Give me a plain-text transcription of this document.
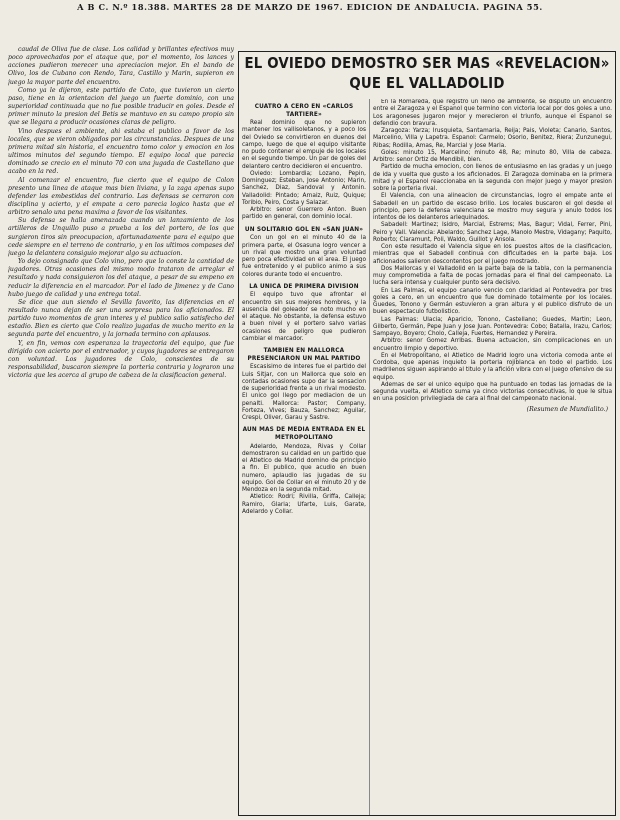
A B C. N.º 18.388. MARTES 28 DE MARZO DE 1967. EDICION DE ANDALUCIA. PAGINA 55.

caudal de Oliva fue de clase. Los calidad y brillantes efectivos muy poco aprovechados por el ataque que, por el momento, los lances y acciones pudieron merecer una apreciacion mejor. En el bando de Olivo, los de Cubano con Rendo, Tara, Castillo y Marin, supieron en juego la mayor parte del encuentro.

Como ya le dijeron, este partido de Coto, que tuvieron un cierto paso, tiene en la orientacion del juego un fuerte dominio, con una superioridad continuada que no fue posible traducir en goles. Desde el primer minuto la presion del Betis se mantuvo en su campo propio sin que se llegara a producir ocasiones claras de peligro.

Vino despues el ambiente, ahi estaba el publico a favor de los locales, que se vieron obligados por las circunstancias. Despues de una primera mitad sin historia, el encuentro tomo color y emocion en los ultimos minutos del segundo tiempo. El equipo local que parecia dominado se crecio en el minuto 70 con una jugada de Castellano que acabo en la red.

Al comenzar el encuentro, fue cierto que el equipo de Colon presento una linea de ataque mas bien liviana, y la zaga apenas supo defender las embestidas del contrario. Las defensas se cerraron con disciplina y acierto, y el empate a cero parecia logico hasta que el arbitro senalo una pena maxima a favor de los visitantes.

Su defensa se halla amenazada cuando un lanzamiento de los artilleros de Unquillo puso a prueba a los del portero, de los que surgieron tiros sin preocupacion, afortunadamente para el equipo que cede siempre en el terreno de contrario, y en los ultimos compases del juego la delantera consiguio mejorar algo su actuacion.

Yo dejo consignado que Colo vino, pero que lo conste la cantidad de jugadores. Otras ocasiones del mismo modo trataron de arreglar el resultado y nada consiguieron los del ataque, a pesar de su empeno en reducir la diferencia en el marcador. Por el lado de Jimenez y de Cano hubo juego de calidad y una entrega total.

Se dice que aun siendo el Sevilla favorito, las diferencias en el resultado nunca dejan de ser una sorpresa para los aficionados. El partido tuvo momentos de gran interes y el publico salio satisfecho del estadio. Bien es cierto que Colo realizo jugadas de mucho merito en la segunda parte del encuentro, y la jornada termino con aplausos.

Y, en fin, vemos con esperanza la trayectoria del equipo, que fue dirigido con acierto por el entrenador, y cuyos jugadores se entregaron con voluntad. Los jugadores de Colo, conscientes de su responsabilidad, buscaron siempre la porteria contraria y lograron una victoria que les acerca al grupo de cabeza de la clasificacion general.

EL OVIEDO DEMOSTRO SER MAS «REVELACION»

QUE EL VALLADOLID

CUATRO A CERO EN «CARLOS TARTIERE»

Real dominio que no supieron mantener los vallisoletanos, y a poco los del Oviedo se convirtieron en duenos del campo, luego de que el equipo visitante no pudo contener el empuje de los locales en el segundo tiempo. Un par de goles del delantero centro decidieron el encuentro.

Oviedo: Lombardia; Lozano, Pepin, Dominguez; Esteban, Jose Antonio; Marin, Sanchez, Diaz, Sandoval y Antonin. Valladolid: Pintado; Arnaiz, Ruiz, Quique; Toribio, Peiro, Costa y Salazar.

Arbitro: senor Guerrero Anton. Buen partido en general, con dominio local.

UN SOLITARIO GOL EN «SAN JUAN»

Con un gol en el minuto 40 de la primera parte, el Osasuna logro vencer a un rival que mostro una gran voluntad pero poca efectividad en el area. El juego fue entretenido y el publico animo a sus colores durante todo el encuentro.

LA UNICA DE PRIMERA DIVISION

El equipo tuvo que afrontar el encuentro sin sus mejores hombres, y la ausencia del goleador se noto mucho en el ataque. No obstante, la defensa estuvo a buen nivel y el portero salvo varias ocasiones de peligro que pudieron cambiar el marcador.

TAMBIEN EN MALLORCA PRESENCIARON UN MAL PARTIDO

Escasisimo de interes fue el partido del Luis Sitjar, con un Mallorca que solo en contadas ocasiones supo dar la sensacion de superioridad frente a un rival modesto. El unico gol llego por mediacion de un penalti. Mallorca: Pastor; Company, Forteza, Vives; Bauza, Sanchez; Aguilar, Crespi, Oliver, Garau y Sastre.

AUN MAS DE MEDIA ENTRADA EN EL METROPOLITANO

Adelardo, Mendoza, Rivas y Collar demostraron su calidad en un partido que el Atletico de Madrid domino de principio a fin. El publico, que acudio en buen numero, aplaudio las jugadas de su equipo. Gol de Collar en el minuto 20 y de Mendoza en la segunda mitad.

Atletico: Rodri; Rivilla, Griffa, Calleja; Ramiro, Glaria; Ufarte, Luis, Garate, Adelardo y Collar.

En la Romareda, que registro un lleno de ambiente, se disputo un encuentro entre el Zaragoza y el Espanol que termino con victoria local por dos goles a uno. Los aragoneses jugaron mejor y merecieron el triunfo, aunque el Espanol se defendio con bravura.

Zaragoza: Yarza; Irusquieta, Santamaria, Reija; Pais, Violeta; Canario, Santos, Marcelino, Villa y Lapetra. Espanol: Carmelo; Osorio, Benitez, Riera; Zunzunegui, Ribas; Rodilla, Amas, Re, Marcial y Jose Maria.

Goles: minuto 15, Marcelino; minuto 48, Re; minuto 80, Villa de cabeza. Arbitro: senor Ortiz de Mendibil, bien.

Partido de mucha emocion, con llenos de entusiasmo en las gradas y un juego de ida y vuelta que gusto a los aficionados. El Zaragoza dominaba en la primera mitad y el Espanol reaccionaba en la segunda con mejor juego y mayor presion sobre la porteria rival.

El Valencia, con una alineacion de circunstancias, logro el empate ante el Sabadell en un partido de escaso brillo. Los locales buscaron el gol desde el principio, pero la defensa valenciana se mostro muy segura y anulo todos los intentos de los delanteros arlequinados.

Sabadell: Martinez; Isidro, Marcial, Estrems; Mas, Bagur; Vidal, Ferrer, Pini, Peiro y Vall. Valencia: Abelardo; Sanchez Lage, Manolo Mestre, Vidagany; Paquito, Roberto; Claramunt, Poli, Waldo, Guillot y Ansola.

Con este resultado el Valencia sigue en los puestos altos de la clasificacion, mientras que el Sabadell continua con dificultades en la parte baja. Los aficionados salieron descontentos por el juego mostrado.

Dos Mallorcas y el Valladolid en la parte baja de la tabla, con la permanencia muy comprometida a falta de pocas jornadas para el final del campeonato. La lucha sera intensa y cualquier punto sera decisivo.

En Las Palmas, el equipo canario vencio con claridad al Pontevedra por tres goles a cero, en un encuentro que fue dominado totalmente por los locales. Guedes, Tonono y Germán estuvieron a gran altura y el publico disfruto de un buen espectaculo futbolistico.

Las Palmas: Ulacia; Aparicio, Tonono, Castellano; Guedes, Martin; Leon, Gilberto, Germán, Pepe Juan y Jose Juan. Pontevedra: Cobo; Batalla, Irazu, Carlos; Sampayo, Boyero; Cholo, Calleja, Fuertes, Hernandez y Pereira.

Arbitro: senor Gomez Arribas. Buena actuacion, sin complicaciones en un encuentro limpio y deportivo.

En el Metropolitano, el Atletico de Madrid logro una victoria comoda ante el Cordoba, que apenas inquieto la porteria rojiblanca en todo el partido. Los madrilenos siguen aspirando al titulo y la afición vibra con el juego ofensivo de su equipo.

Ademas de ser el unico equipo que ha puntuado en todas las jornadas de la segunda vuelta, el Atletico suma ya cinco victorias consecutivas, lo que le situa en una posicion privilegiada de cara al final del campeonato nacional.

(Resumen de Mundialito.)
